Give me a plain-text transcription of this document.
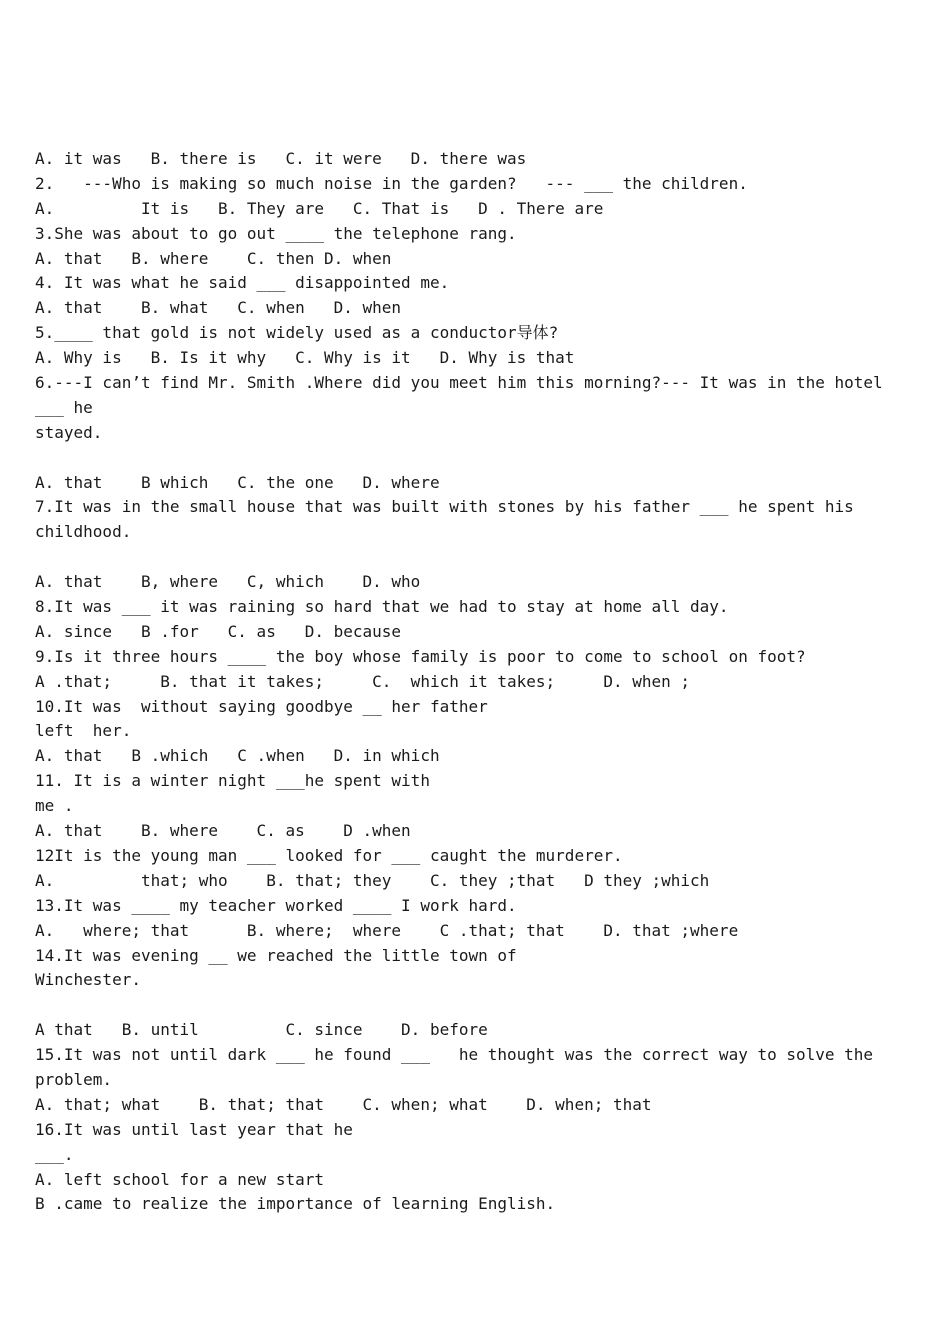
A. it was   B. there is   C. it were   D. there was
2.   ---Who is making so much noise in the garden?   --- ___ the children.
A.         It is   B. They are   C. That is   D . There are
3.She was about to go out ____ the telephone rang.
A. that   B. where    C. then D. when
4. It was what he said ___ disappointed me.
A. that    B. what   C. when   D. when
5.____ that gold is not widely used as a conductor导体?
A. Why is   B. Is it why   C. Why is it   D. Why is that
6.---I can’t find Mr. Smith .Where did you meet him this morning?--- It was in the hotel
___ he
stayed.
A. that    B which   C. the one   D. where
7.It was in the small house that was built with stones by his father ___ he spent his
childhood.
A. that    B, where   C, which    D. who
8.It was ___ it was raining so hard that we had to stay at home all day.
A. since   B .for   C. as   D. because
9.Is it three hours ____ the boy whose family is poor to come to school on foot?
A .that;     B. that it takes;     C.  which it takes;     D. when ;
10.It was  without saying goodbye __ her father
left  her.
A. that   B .which   C .when   D. in which
11. It is a winter night ___he spent with
me .
A. that    B. where    C. as    D .when
12It is the young man ___ looked for ___ caught the murderer.
A.         that; who    B. that; they    C. they ;that   D they ;which
13.It was ____ my teacher worked ____ I work hard.
A.   where; that      B. where;  where    C .that; that    D. that ;where
14.It was evening __ we reached the little town of
Winchester.
A that   B. until         C. since    D. before
15.It was not until dark ___ he found ___   he thought was the correct way to solve the
problem.
A. that; what    B. that; that    C. when; what    D. when; that
16.It was until last year that he
___.
A. left school for a new start
B .came to realize the importance of learning English.
